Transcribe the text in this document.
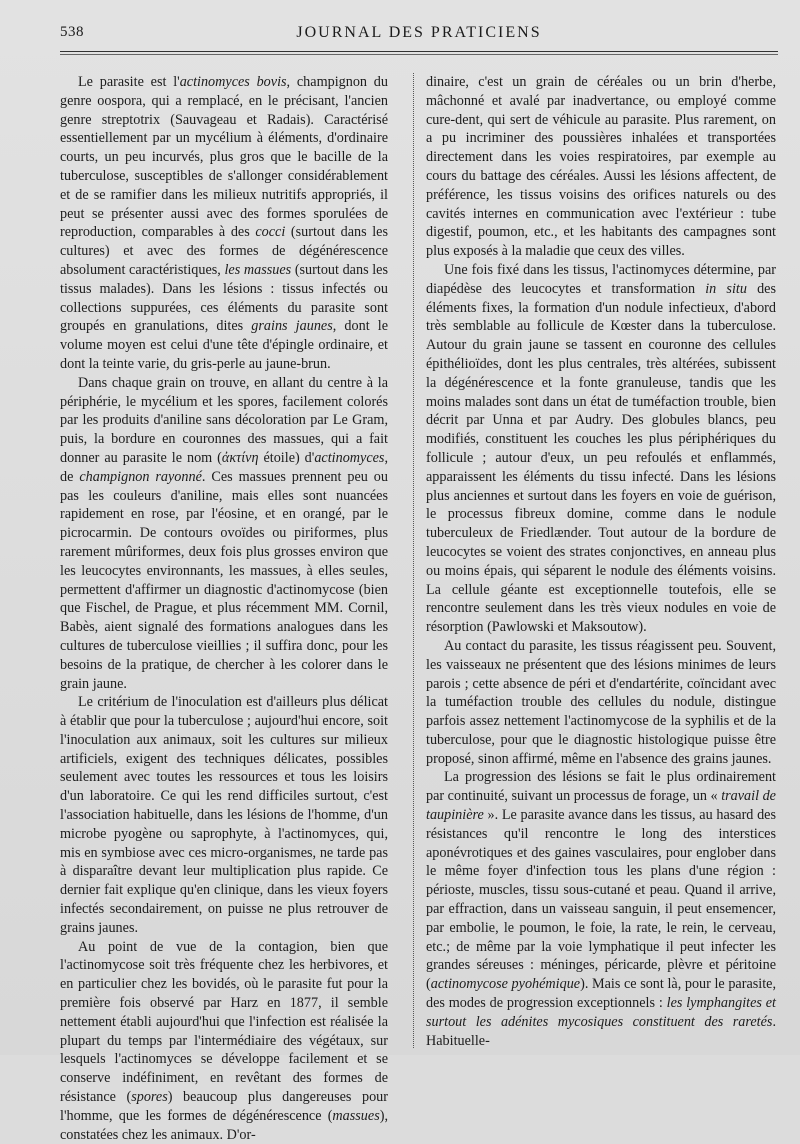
538	JOURNAL DES PRATICIENS

Le parasite est l'actinomyces bovis, champignon du genre oospora, qui a remplacé, en le précisant, l'ancien genre streptotrix (Sauvageau et Radais). Caractérisé essentiellement par un mycélium à éléments, d'ordinaire courts, un peu incurvés, plus gros que le bacille de la tuberculose, susceptibles de s'allonger considérablement et de se ramifier dans les milieux nutritifs appropriés, il peut se présenter aussi avec des formes sporulées de reproduction, comparables à des cocci (surtout dans les cultures) et avec des formes de dégénérescence absolument caractéristiques, les massues (surtout dans les tissus malades). Dans les lésions : tissus infectés ou collections suppurées, ces éléments du parasite sont groupés en granulations, dites grains jaunes, dont le volume moyen est celui d'une tête d'épingle ordinaire, et dont la teinte varie, du gris-perle au jaune-brun.

Dans chaque grain on trouve, en allant du centre à la périphérie, le mycélium et les spores, facilement colorés par les produits d'aniline sans décoloration par Le Gram, puis, la bordure en couronnes des massues, qui a fait donner au parasite le nom (ἀκτίνη étoile) d'actinomyces, de champignon rayonné. Ces massues prennent peu ou pas les couleurs d'aniline, mais elles sont nuancées rapidement en rose, par l'éosine, et en orangé, par le picrocarmin. De contours ovoïdes ou piriformes, plus rarement mûriformes, deux fois plus grosses environ que les leucocytes environnants, les massues, à elles seules, permettent d'affirmer un diagnostic d'actinomycose (bien que Fischel, de Prague, et plus récemment MM. Cornil, Babès, aient signalé des formations analogues dans les cultures de tuberculose vieillies ; il suffira donc, pour les besoins de la pratique, de chercher à les colorer dans le grain jaune.

Le critérium de l'inoculation est d'ailleurs plus délicat à établir que pour la tuberculose ; aujourd'hui encore, soit l'inoculation aux animaux, soit les cultures sur milieux artificiels, exigent des techniques délicates, possibles seulement avec toutes les ressources et tous les loisirs d'un laboratoire. Ce qui les rend difficiles surtout, c'est l'association habituelle, dans les lésions de l'homme, d'un microbe pyogène ou saprophyte, à l'actinomyces, qui, mis en symbiose avec ces micro-organismes, ne tarde pas à disparaître devant leur multiplication plus rapide. Ce dernier fait explique qu'en clinique, dans les vieux foyers infectés secondairement, on puisse ne plus retrouver de grains jaunes.

Au point de vue de la contagion, bien que l'actinomycose soit très fréquente chez les herbivores, et en particulier chez les bovidés, où le parasite fut pour la première fois observé par Harz en 1877, il semble nettement établi aujourd'hui que l'infection est réalisée la plupart du temps par l'intermédiaire des végétaux, sur lesquels l'actinomyces se développe facilement et se conserve indéfiniment, en revêtant des formes de résistance (spores) beaucoup plus dangereuses pour l'homme, que les formes de dégénérescence (massues), constatées chez les animaux. D'or-

dinaire, c'est un grain de céréales ou un brin d'herbe, mâchonné et avalé par inadvertance, ou employé comme cure-dent, qui sert de véhicule au parasite. Plus rarement, on a pu incriminer des poussières inhalées et transportées directement dans les voies respiratoires, par exemple au cours du battage des céréales. Aussi les lésions affectent, de préférence, les tissus voisins des orifices naturels ou des cavités internes en communication avec l'extérieur : tube digestif, poumon, etc., et les habitants des campagnes sont plus exposés à la maladie que ceux des villes.

Une fois fixé dans les tissus, l'actinomyces détermine, par diapédèse des leucocytes et transformation in situ des éléments fixes, la formation d'un nodule infectieux, d'abord très semblable au follicule de Kœster dans la tuberculose. Autour du grain jaune se tassent en couronne des cellules épithélioïdes, dont les plus centrales, très altérées, subissent la dégénérescence et la fonte granuleuse, tandis que les moins malades sont dans un état de tuméfaction trouble, bien décrit par Unna et par Audry. Des globules blancs, peu modifiés, constituent les couches les plus périphériques du follicule ; autour d'eux, un peu refoulés et enflammés, apparaissent les éléments du tissu infecté. Dans les lésions plus anciennes et surtout dans les foyers en voie de guérison, le processus fibreux domine, comme dans le nodule tuberculeux de Friedlænder. Tout autour de la bordure de leucocytes se voient des strates conjonctives, en anneau plus ou moins épais, qui séparent le nodule des éléments voisins. La cellule géante est exceptionnelle toutefois, elle se rencontre seulement dans les très vieux nodules en voie de résorption (Pawlowski et Maksoutow).

Au contact du parasite, les tissus réagissent peu. Souvent, les vaisseaux ne présentent que des lésions minimes de leurs parois ; cette absence de péri et d'endartérite, coïncidant avec la tuméfaction trouble des cellules du nodule, distingue parfois assez nettement l'actinomycose de la syphilis et de la tuberculose, pour que le diagnostic histologique puisse être proposé, sinon affirmé, même en l'absence des grains jaunes.

La progression des lésions se fait le plus ordinairement par continuité, suivant un processus de forage, un « travail de taupinière ». Le parasite avance dans les tissus, au hasard des résistances qu'il rencontre le long des interstices aponévrotiques et des gaines vasculaires, pour englober dans le même foyer d'infection tous les plans d'une région : périoste, muscles, tissu sous-cutané et peau. Quand il arrive, par effraction, dans un vaisseau sanguin, il peut ensemencer, par embolie, le poumon, le foie, la rate, le rein, le cerveau, etc.; de même par la voie lymphatique il peut infecter les grandes séreuses : méninges, péricarde, plèvre et péritoine (actinomycose pyohémique). Mais ce sont là, pour le parasite, des modes de progression exceptionnels : les lymphangites et surtout les adénites mycosiques constituent des raretés. Habituelle-
